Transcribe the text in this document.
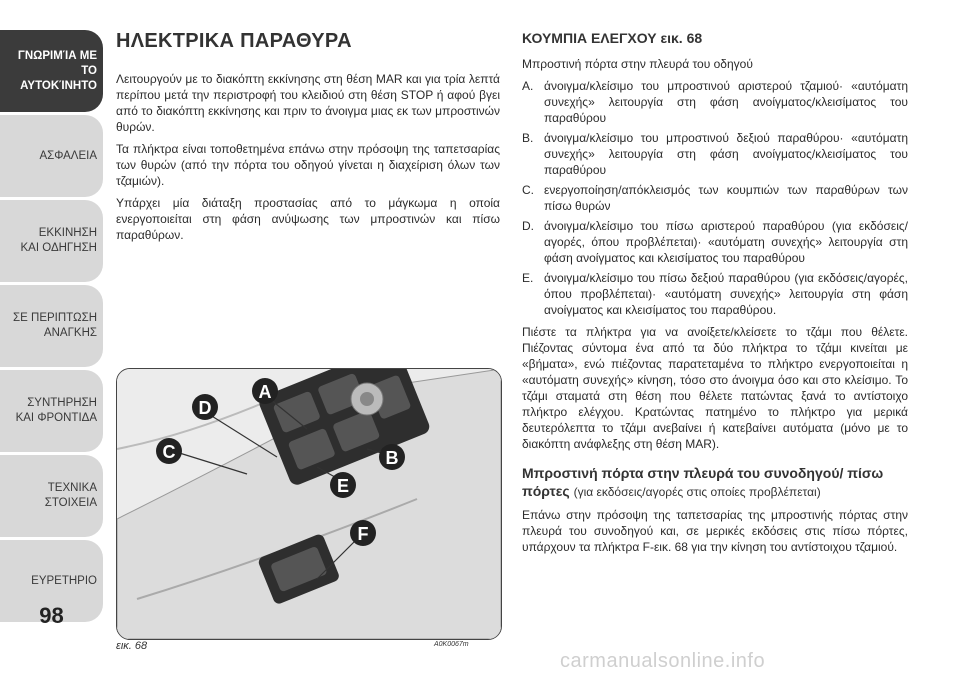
ΓΝΩΡΙΜΊΑ ΜΕ ΤΟ
ΑΥΤΟΚΊΝΗΤΟ
ΑΣΦΑΛΕΙΑ
ΕΚΚΙΝΗΣΗ
ΚΑΙ ΟΔΗΓΗΣΗ
ΣΕ ΠΕΡΙΠΤΩΣΗ
ΑΝΑΓΚΗΣ
ΣΥΝΤΗΡΗΣΗ
ΚΑΙ ΦΡΟΝΤΙΔΑ
ΤΕΧΝΙΚΑ
ΣΤΟΙΧΕΙΑ
ΕΥΡΕΤΗΡΙΟ
98
ΗΛΕΚΤΡΙΚΑ ΠΑΡΑΘΥΡΑ

Λειτουργούν με το διακόπτη εκκίνησης στη θέση MAR και για τρία λεπτά περίπου μετά την περιστροφή του κλειδιού στη θέση STOP ή αφού βγει από το διακόπτη εκκίνησης και πριν το άνοιγμα μιας εκ των μπροστινών θυρών.

Τα πλήκτρα είναι τοποθετημένα επάνω στην πρόσοψη της ταπετσαρίας των θυρών (από την πόρτα του οδηγού γίνεται η διαχείριση όλων των τζαμιών).

Υπάρχει μία διάταξη προστασίας από το μάγκωμα η οποία ενεργοποιείται στη φάση ανύψωσης των μπροστινών και πίσω παραθύρων.

A
D
C	B
E
F
εικ. 68	A0K0067m
ΚΟΥΜΠΙΑ ΕΛΕΓΧΟΥ εικ. 68

Μπροστινή πόρτα στην πλευρά του οδηγού

A. άνοιγμα/κλείσιμο του μπροστινού αριστερού τζαμιού· «αυτόματη συνεχής» λειτουργία στη φάση ανοίγματος/κλεισίματος του παραθύρου
B. άνοιγμα/κλείσιμο του μπροστινού δεξιού παραθύρου· «αυτόματη συνεχής» λειτουργία στη φάση ανοίγματος/κλεισίματος του παραθύρου
C. ενεργοποίηση/απόκλεισμός των κουμπιών των παραθύρων των πίσω θυρών
D. άνοιγμα/κλείσιμο του πίσω αριστερού παραθύρου (για εκδόσεις/αγορές, όπου προβλέπεται)· «αυτόματη συνεχής» λειτουργία στη φάση ανοίγματος και κλεισίματος του παραθύρου
E. άνοιγμα/κλείσιμο του πίσω δεξιού παραθύρου (για εκδόσεις/αγορές, όπου προβλέπεται)· «αυτόματη συνεχής» λειτουργία στη φάση ανοίγματος και κλεισίματος του παραθύρου.

Πιέστε τα πλήκτρα για να ανοίξετε/κλείσετε το τζάμι που θέλετε. Πιέζοντας σύντομα ένα από τα δύο πλήκτρα το τζάμι κινείται με «βήματα», ενώ πιέζοντας παρατεταμένα το πλήκτρο ενεργοποιείται η «αυτόματη συνεχής» κίνηση, τόσο στο άνοιγμα όσο και στο κλείσιμο. Το τζάμι σταματά στη θέση που θέλετε πατώντας ξανά το αντίστοιχο πλήκτρο ελέγχου. Κρατώντας πατημένο το πλήκτρο για μερικά δευτερόλεπτα το τζάμι ανεβαίνει ή κατεβαίνει αυτόματα (μόνο με το διακόπτη ανάφλεξης στη θέση MAR).

Μπροστινή πόρτα στην πλευρά του συνοδηγού/ πίσω πόρτες (για εκδόσεις/αγορές στις οποίες προβλέπεται)

Επάνω στην πρόσοψη της ταπετσαρίας της μπροστινής πόρτας στην πλευρά του συνοδηγού και, σε μερικές εκδόσεις στις πίσω πόρτες, υπάρχουν τα πλήκτρα F-εικ. 68 για την κίνηση του αντίστοιχου τζαμιού.

carmanualsonline.info
